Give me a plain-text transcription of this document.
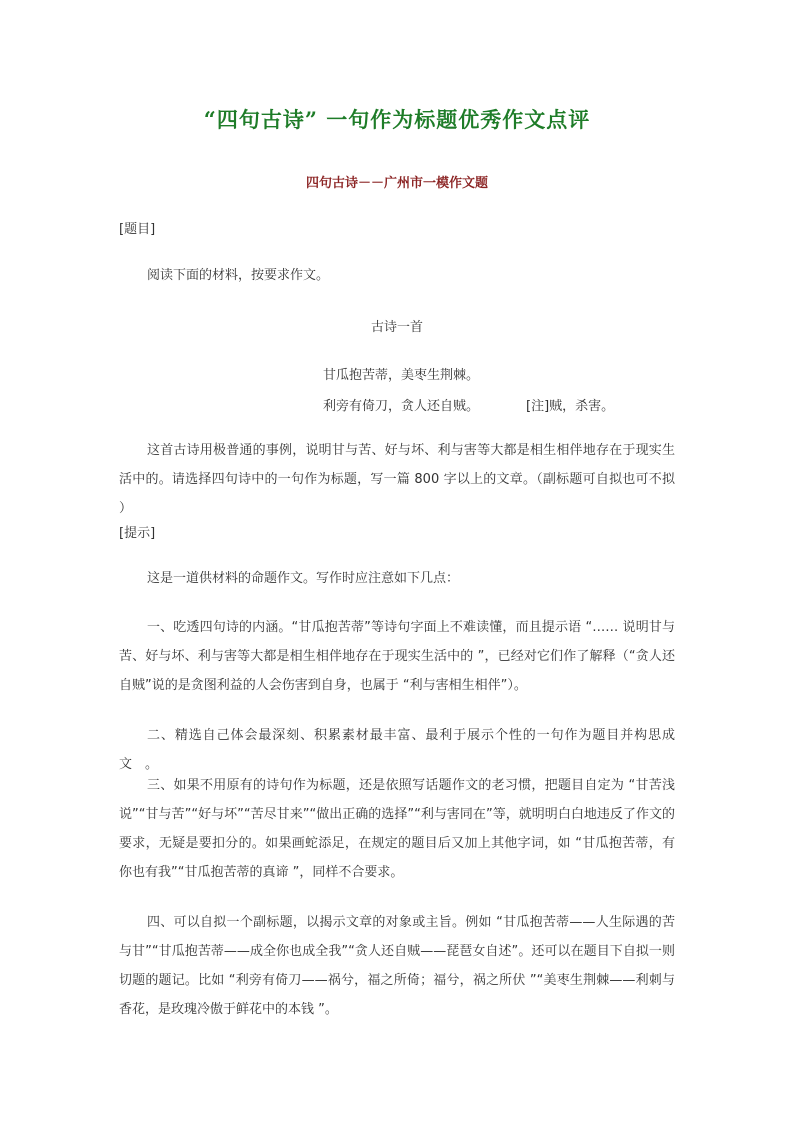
“四句古诗” 一句作为标题优秀作文点评
四句古诗－－广州市一模作文题
[题目]
阅读下面的材料，按要求作文。
古诗一首
甘瓜抱苦蒂，美枣生荆棘。
利旁有倚刀，贪人还自贼。	[注]贼，杀害。
这首古诗用极普通的事例，说明甘与苦、好与坏、利与害等大都是相生相伴地存在于现实生活中的。请选择四句诗中的一句作为标题，写一篇 800 字以上的文章。（副标题可自拟也可不拟 ）
[提示]
这是一道供材料的命题作文。写作时应注意如下几点：
一、吃透四句诗的内涵。“甘瓜抱苦蒂”等诗句字面上不难读懂，而且提示语 “…… 说明甘与苦、好与坏、利与害等大都是相生相伴地存在于现实生活中的 ”，已经对它们作了解释（“贪人还自贼”说的是贪图利益的人会伤害到自身，也属于 “利与害相生相伴”）。
二、精选自己体会最深刻、积累素材最丰富、最利于展示个性的一句作为题目并构思成文　。
三、如果不用原有的诗句作为标题，还是依照写话题作文的老习惯，把题目自定为 “甘苦浅说”“甘与苦”“好与坏”“苦尽甘来”“做出正确的选择”“利与害同在”等，就明明白白地违反了作文的要求，无疑是要扣分的。如果画蛇添足，在规定的题目后又加上其他字词，如 “甘瓜抱苦蒂，有你也有我”“甘瓜抱苦蒂的真谛 ”，同样不合要求。
四、可以自拟一个副标题，以揭示文章的对象或主旨。例如 “甘瓜抱苦蒂——人生际遇的苦与甘”“甘瓜抱苦蒂——成全你也成全我”“贪人还自贼——琵琶女自述”。还可以在题目下自拟一则切题的题记。比如 “利旁有倚刀——祸兮，福之所倚；福兮，祸之所伏 ”“美枣生荆棘——利刺与香花，是玫瑰冷傲于鲜花中的本钱 ”。
